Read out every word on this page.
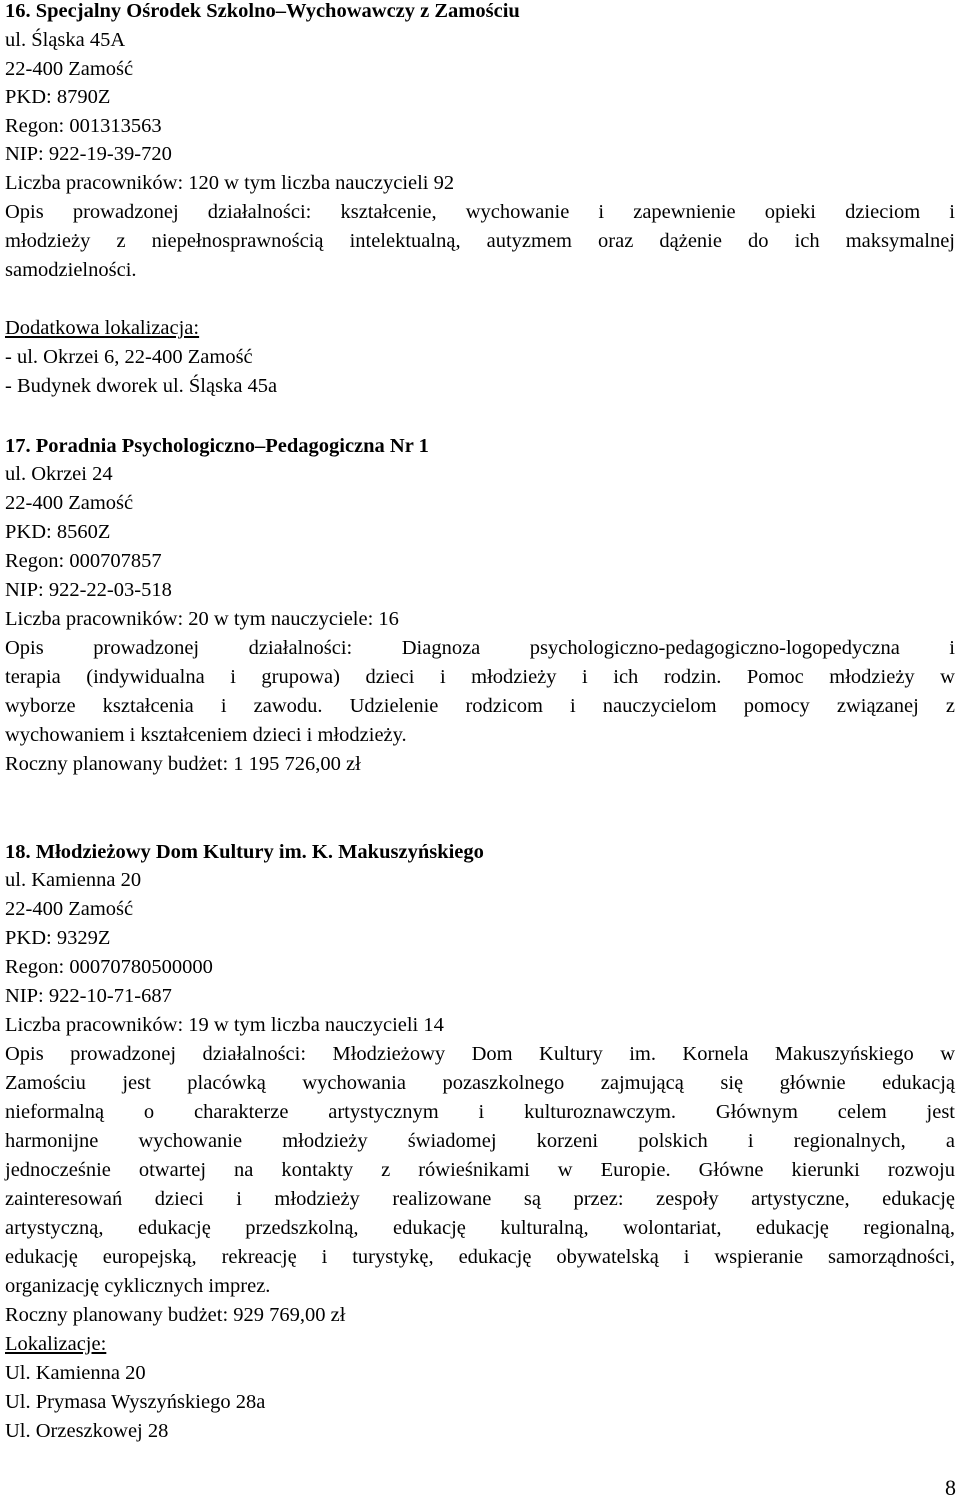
16. Specjalny Ośrodek Szkolno–Wychowawczy z Zamościu
ul. Śląska 45A
22-400 Zamość
PKD: 8790Z
Regon: 001313563
NIP: 922-19-39-720
Liczba pracowników: 120 w tym liczba nauczycieli 92
Opis prowadzonej działalności: kształcenie, wychowanie i zapewnienie opieki dzieciom i
młodzieży z niepełnosprawnością intelektualną, autyzmem oraz dążenie do ich maksymalnej
samodzielności.
Dodatkowa lokalizacja:
- ul. Okrzei 6, 22-400 Zamość
- Budynek dworek ul. Śląska 45a
17. Poradnia Psychologiczno–Pedagogiczna Nr 1
ul. Okrzei 24
22-400 Zamość
PKD: 8560Z
Regon: 000707857
NIP: 922-22-03-518
Liczba pracowników: 20 w tym nauczyciele: 16
Opis prowadzonej działalności: Diagnoza psychologiczno-pedagogiczno-logopedyczna i
terapia (indywidualna i grupowa) dzieci i młodzieży i ich rodzin. Pomoc młodzieży w
wyborze kształcenia i zawodu. Udzielenie rodzicom i nauczycielom pomocy związanej z
wychowaniem i kształceniem dzieci i młodzieży.
Roczny planowany budżet: 1 195 726,00 zł
18. Młodzieżowy Dom Kultury im. K. Makuszyńskiego
ul. Kamienna 20
22-400 Zamość
PKD: 9329Z
Regon: 00070780500000
NIP: 922-10-71-687
Liczba pracowników: 19 w tym liczba nauczycieli 14
Opis prowadzonej działalności: Młodzieżowy Dom Kultury im. Kornela Makuszyńskiego w
Zamościu jest placówką wychowania pozaszkolnego zajmującą się głównie edukacją
nieformalną o charakterze artystycznym i kulturoznawczym. Głównym celem jest
harmonijne wychowanie młodzieży świadomej korzeni polskich i regionalnych, a
jednocześnie otwartej na kontakty z rówieśnikami w Europie. Główne kierunki rozwoju
zainteresowań dzieci i młodzieży realizowane są przez: zespoły artystyczne, edukację
artystyczną, edukację przedszkolną, edukację kulturalną, wolontariat, edukację regionalną,
edukację europejską, rekreację i turystykę, edukację obywatelską i wspieranie samorządności,
organizację cyklicznych imprez.
Roczny planowany budżet: 929 769,00 zł
Lokalizacje:
Ul. Kamienna 20
Ul. Prymasa Wyszyńskiego 28a
Ul. Orzeszkowej 28
8
